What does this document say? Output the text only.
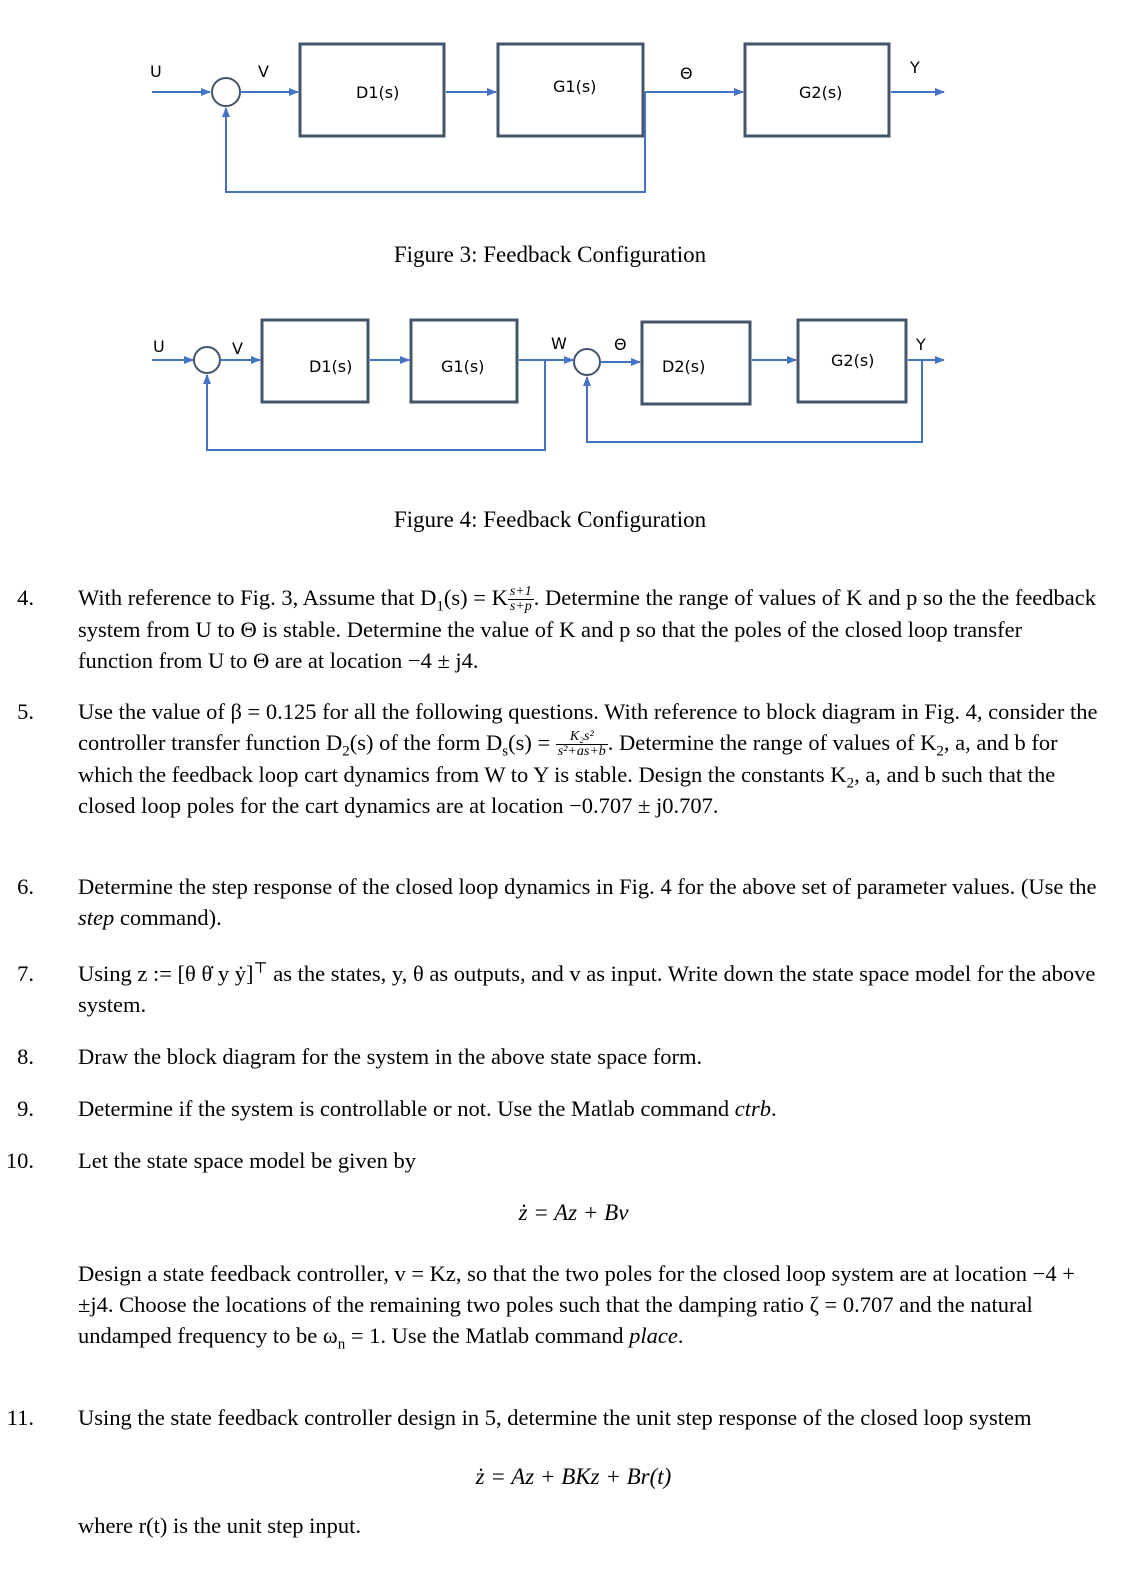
U	V	Θ	Y
D1(s)	G1(s)	G2(s)
Figure 3: Feedback Configuration
U	V	W	Θ	Y
D1(s)	G1(s)	D2(s)	G2(s)
Figure 4: Feedback Configuration
4. With reference to Fig. 3, Assume that $D_1(s) = K \frac{s+1}{s+p}$ . Determine the range of values of K and p so the the feedback system from U to Θ is stable. Determine the value of K and p so that the poles of the closed loop transfer function from U to Θ are at location −4 ± j4.
5. Use the value of β = 0.125 for all the following questions. With reference to block diagram in Fig. 4, consider the controller transfer function $D_2(s)$ of the form $D_s(s) = \frac{\text{K₂s²}}{\text{s²+as+b}}$ . Determine the range of values of $K_2$, a, and b for which the feedback loop cart dynamics from W to Y is stable. Design the constants $K_2$, a, and b such that the closed loop poles for the cart dynamics are at location −0.707 ± j0.707.
6. Determine the step response of the closed loop dynamics in Fig. 4 for the above set of parameter values. (Use the step command).
7. Using z := [θ θ̇ y ẏ]⊤ as the states, y, θ as outputs, and v as input. Write down the state space model for the above system.
8. Draw the block diagram for the system in the above state space form.
9. Determine if the system is controllable or not. Use the Matlab command ctrb.
10. Let the state space model be given by
ż = Az + Bv
Design a state feedback controller, v = Kz, so that the two poles for the closed loop system are at location −4 + ±j4. Choose the locations of the remaining two poles such that the damping ratio ζ = 0.707 and the natural undamped frequency to be $\omega_n = 1$. Use the Matlab command place.
11. Using the state feedback controller design in 5, determine the unit step response of the closed loop system
ż = Az + BKz + Br(t)
where r(t) is the unit step input.
